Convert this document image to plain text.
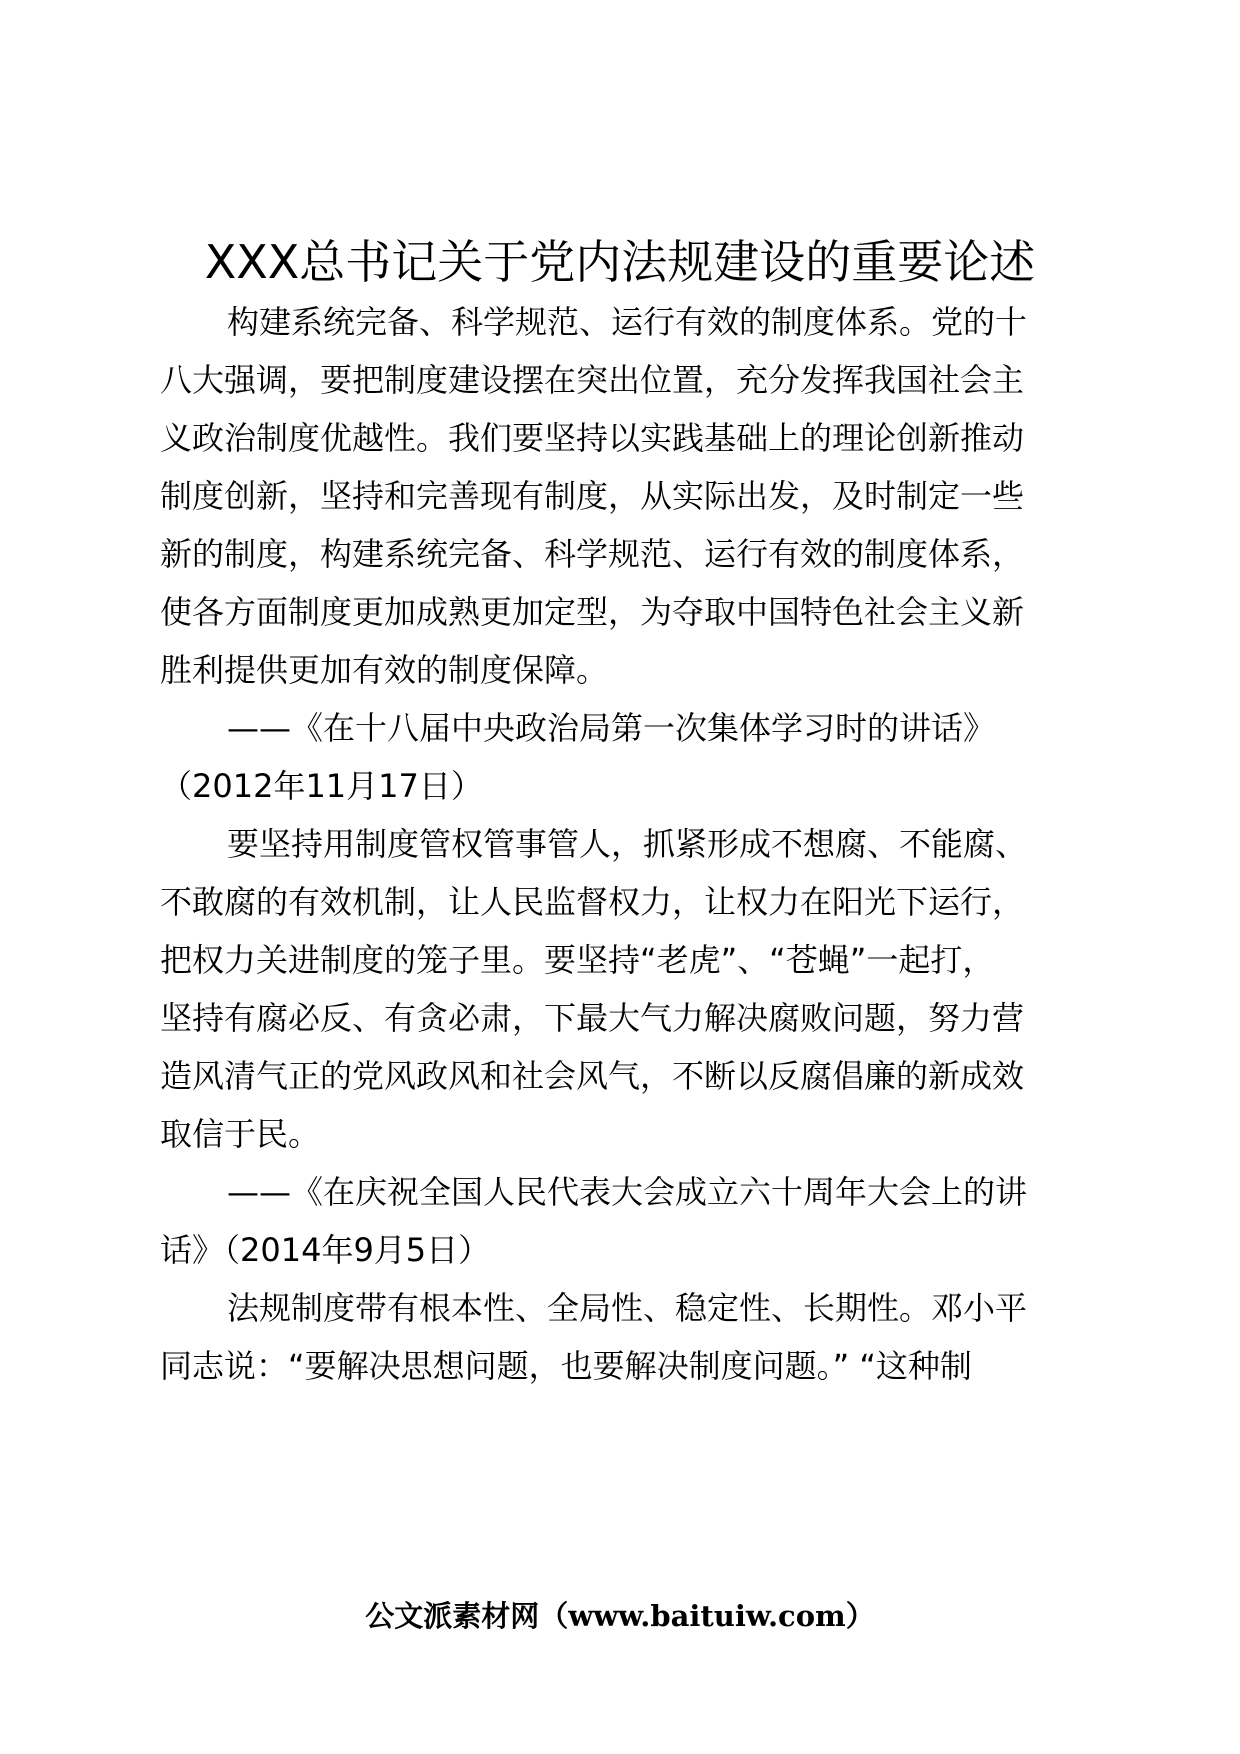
XXX总书记关于党内法规建设的重要论述
构建系统完备、科学规范、运行有效的制度体系。党的十
八大强调，要把制度建设摆在突出位置，充分发挥我国社会主
义政治制度优越性。我们要坚持以实践基础上的理论创新推动
制度创新，坚持和完善现有制度，从实际出发，及时制定一些
新的制度，构建系统完备、科学规范、运行有效的制度体系，
使各方面制度更加成熟更加定型，为夺取中国特色社会主义新
胜利提供更加有效的制度保障。
——《在十八届中央政治局第一次集体学习时的讲话》
（2012年11月17日）
要坚持用制度管权管事管人，抓紧形成不想腐、不能腐、
不敢腐的有效机制，让人民监督权力，让权力在阳光下运行，
把权力关进制度的笼子里。要坚持“老虎”、“苍蝇”一起打，
坚持有腐必反、有贪必肃，下最大气力解决腐败问题，努力营
造风清气正的党风政风和社会风气，不断以反腐倡廉的新成效
取信于民。
——《在庆祝全国人民代表大会成立六十周年大会上的讲
话》（2014年9月5日）
法规制度带有根本性、全局性、稳定性、长期性。邓小平
同志说：“要解决思想问题，也要解决制度问题。” “这种制
公文派素材网（www.baituiw.com）
